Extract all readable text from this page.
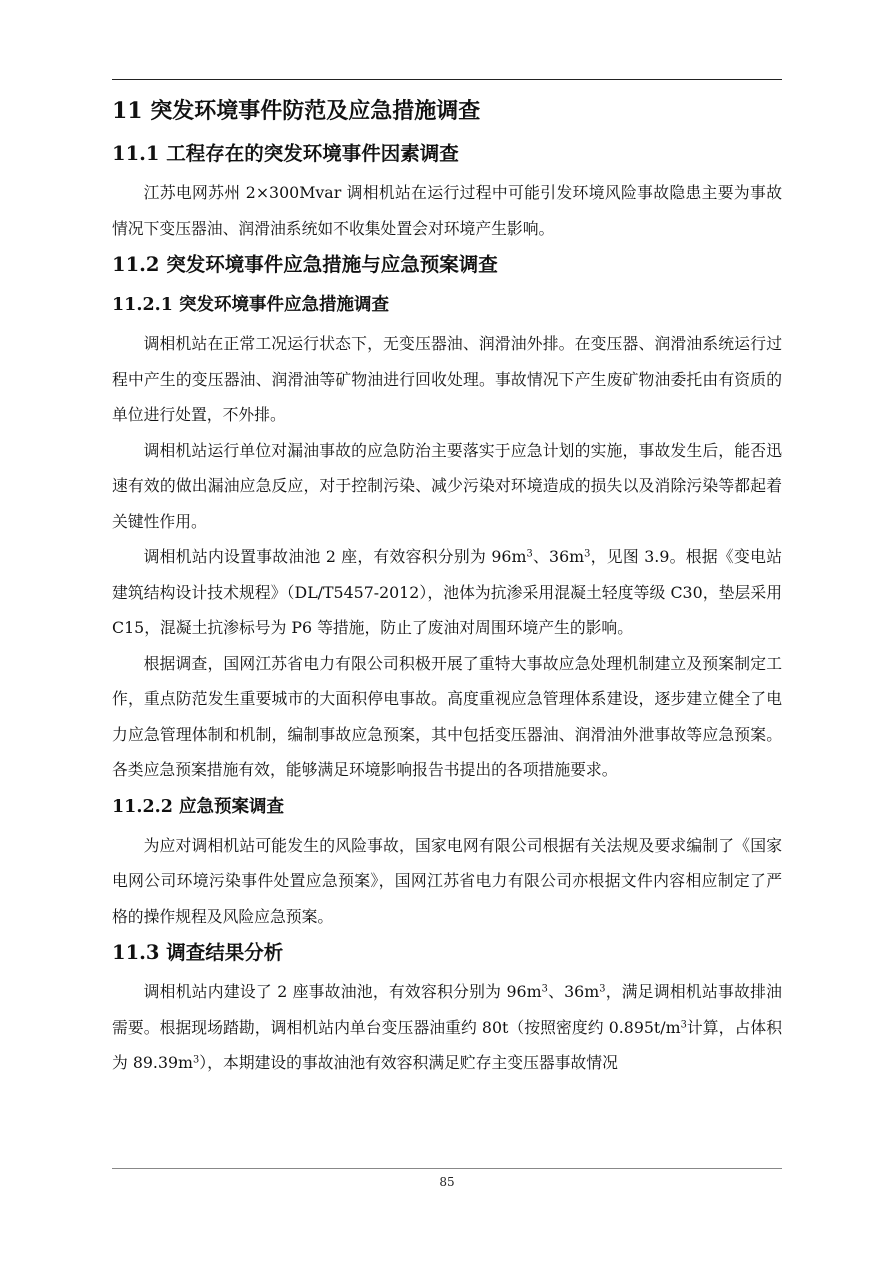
11 突发环境事件防范及应急措施调查
11.1 工程存在的突发环境事件因素调查

江苏电网苏州 2×300Mvar 调相机站在运行过程中可能引发环境风险事故隐患主要为事故情况下变压器油、润滑油系统如不收集处置会对环境产生影响。

11.2 突发环境事件应急措施与应急预案调查
11.2.1 突发环境事件应急措施调查

调相机站在正常工况运行状态下，无变压器油、润滑油外排。在变压器、润滑油系统运行过程中产生的变压器油、润滑油等矿物油进行回收处理。事故情况下产生废矿物油委托由有资质的单位进行处置，不外排。

调相机站运行单位对漏油事故的应急防治主要落实于应急计划的实施，事故发生后，能否迅速有效的做出漏油应急反应，对于控制污染、减少污染对环境造成的损失以及消除污染等都起着关键性作用。

调相机站内设置事故油池 2 座，有效容积分别为 $96m^3$、$36m^3$，见图 3.9。根据《变电站建筑结构设计技术规程》（DL/T5457-2012），池体为抗渗采用混凝土轻度等级 C30，垫层采用 C15，混凝土抗渗标号为 P6 等措施，防止了废油对周围环境产生的影响。

根据调查，国网江苏省电力有限公司积极开展了重特大事故应急处理机制建立及预案制定工作，重点防范发生重要城市的大面积停电事故。高度重视应急管理体系建设，逐步建立健全了电力应急管理体制和机制，编制事故应急预案，其中包括变压器油、润滑油外泄事故等应急预案。各类应急预案措施有效，能够满足环境影响报告书提出的各项措施要求。

11.2.2 应急预案调查

为应对调相机站可能发生的风险事故，国家电网有限公司根据有关法规及要求编制了《国家电网公司环境污染事件处置应急预案》，国网江苏省电力有限公司亦根据文件内容相应制定了严格的操作规程及风险应急预案。

11.3 调查结果分析

调相机站内建设了 2 座事故油池，有效容积分别为 $96m^3$、$36m^3$，满足调相机站事故排油需要。根据现场踏勘，调相机站内单台变压器油重约 80t（按照密度约 $0.895t/m^3$计算，占体积为 $89.39m^3$），本期建设的事故油池有效容积满足贮存主变压器事故情况

85
